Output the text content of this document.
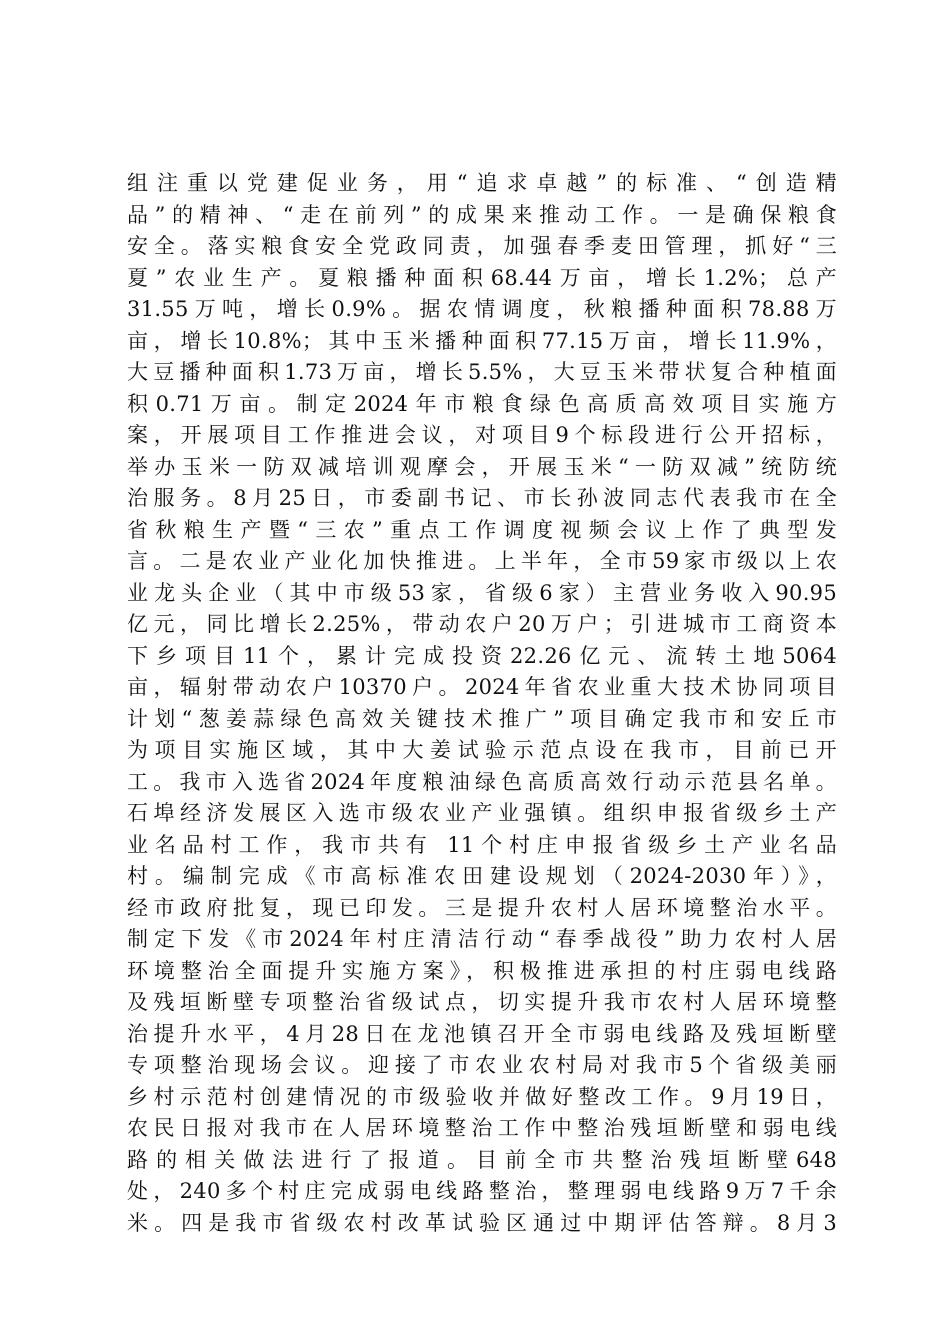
组注重以党建促业务，用“追求卓越”的标准、“创造精
品”的精神、“走在前列”的成果来推动工作。一是确保粮食
安全。落实粮食安全党政同责，加强春季麦田管理，抓好“三
夏”农业生产。夏粮播种面积68.44万亩，增长1.2%；总产
31.55万吨，增长0.9%。据农情调度，秋粮播种面积78.88万
亩，增长10.8%；其中玉米播种面积77.15万亩，增长11.9%，
大豆播种面积1.73万亩，增长5.5%，大豆玉米带状复合种植面
积0.71万亩。制定2024年市粮食绿色高质高效项目实施方
案，开展项目工作推进会议，对项目9个标段进行公开招标，
举办玉米一防双减培训观摩会，开展玉米“一防双减”统防统
治服务。8月25日，市委副书记、市长孙波同志代表我市在全
省秋粮生产暨“三农”重点工作调度视频会议上作了典型发
言。二是农业产业化加快推进。上半年，全市59家市级以上农
业龙头企业（其中市级53家，省级6家）主营业务收入90.95
亿元，同比增长2.25%，带动农户20万户；引进城市工商资本
下乡项目11个，累计完成投资22.26亿元、流转土地5064
亩，辐射带动农户10370户。2024年省农业重大技术协同项目
计划“葱姜蒜绿色高效关键技术推广”项目确定我市和安丘市
为项目实施区域，其中大姜试验示范点设在我市，目前已开
工。我市入选省2024年度粮油绿色高质高效行动示范县名单。
石埠经济发展区入选市级农业产业强镇。组织申报省级乡土产
业名品村工作，我市共有 11个村庄申报省级乡土产业名品
村。编制完成《市高标准农田建设规划（2024-2030年）》，
经市政府批复，现已印发。三是提升农村人居环境整治水平。
制定下发《市2024年村庄清洁行动“春季战役”助力农村人居
环境整治全面提升实施方案》，积极推进承担的村庄弱电线路
及残垣断壁专项整治省级试点，切实提升我市农村人居环境整
治提升水平，4月28日在龙池镇召开全市弱电线路及残垣断壁
专项整治现场会议。迎接了市农业农村局对我市5个省级美丽
乡村示范村创建情况的市级验收并做好整改工作。9月19日，
农民日报对我市在人居环境整治工作中整治残垣断壁和弱电线
路的相关做法进行了报道。目前全市共整治残垣断壁648
处，240多个村庄完成弱电线路整治，整理弱电线路9万7千余
米。四是我市省级农村改革试验区通过中期评估答辩。8月3
